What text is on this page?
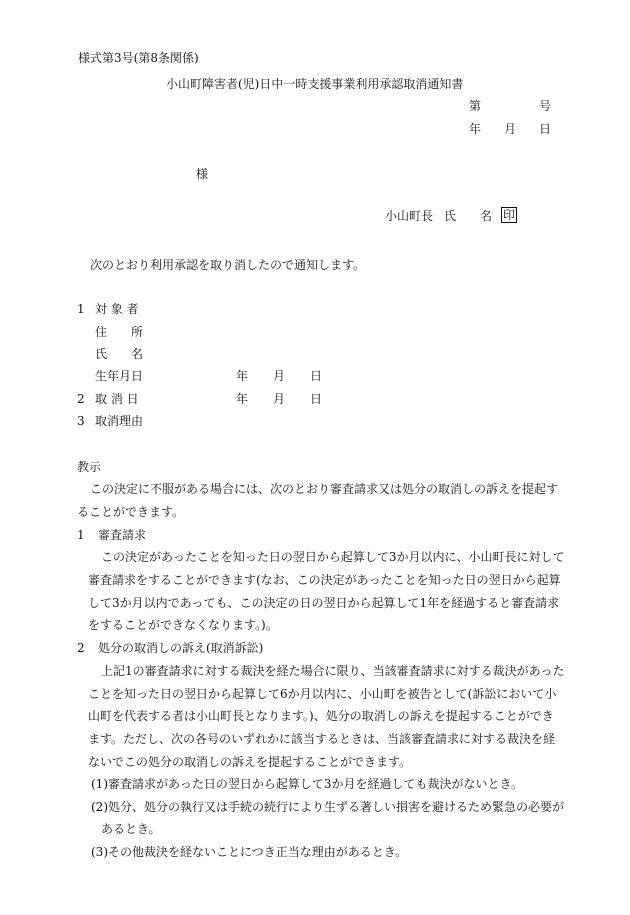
様式第3号(第8条関係)
小山町障害者(児)日中一時支援事業利用承認取消通知書
第	号
年 月 日
様
小山町長 氏 名 印
次のとおり利用承認を取り消したので通知します。
1 対 象 者
住　　所
氏　　名
生年月日	年 月 日
2 取 消 日	年 月 日
3 取消理由
教示
この決定に不服がある場合には、次のとおり審査請求又は処分の取消しの訴えを提起す
ることができます。
1 審査請求
この決定があったことを知った日の翌日から起算して3か月以内に、小山町長に対して
審査請求をすることができます(なお、この決定があったことを知った日の翌日から起算
して3か月以内であっても、この決定の日の翌日から起算して1年を経過すると審査請求
をすることができなくなります。)。
2 処分の取消しの訴え(取消訴訟)
上記1の審査請求に対する裁決を経た場合に限り、当該審査請求に対する裁決があった
ことを知った日の翌日から起算して6か月以内に、小山町を被告として(訴訟において小
山町を代表する者は小山町長となります。)、処分の取消しの訴えを提起することができ
ます。ただし、次の各号のいずれかに該当するときは、当該審査請求に対する裁決を経
ないでこの処分の取消しの訴えを提起することができます。
(1)審査請求があった日の翌日から起算して3か月を経過しても裁決がないとき。
(2)処分、処分の執行又は手続の続行により生ずる著しい損害を避けるため緊急の必要が
あるとき。
(3)その他裁決を経ないことにつき正当な理由があるとき。
